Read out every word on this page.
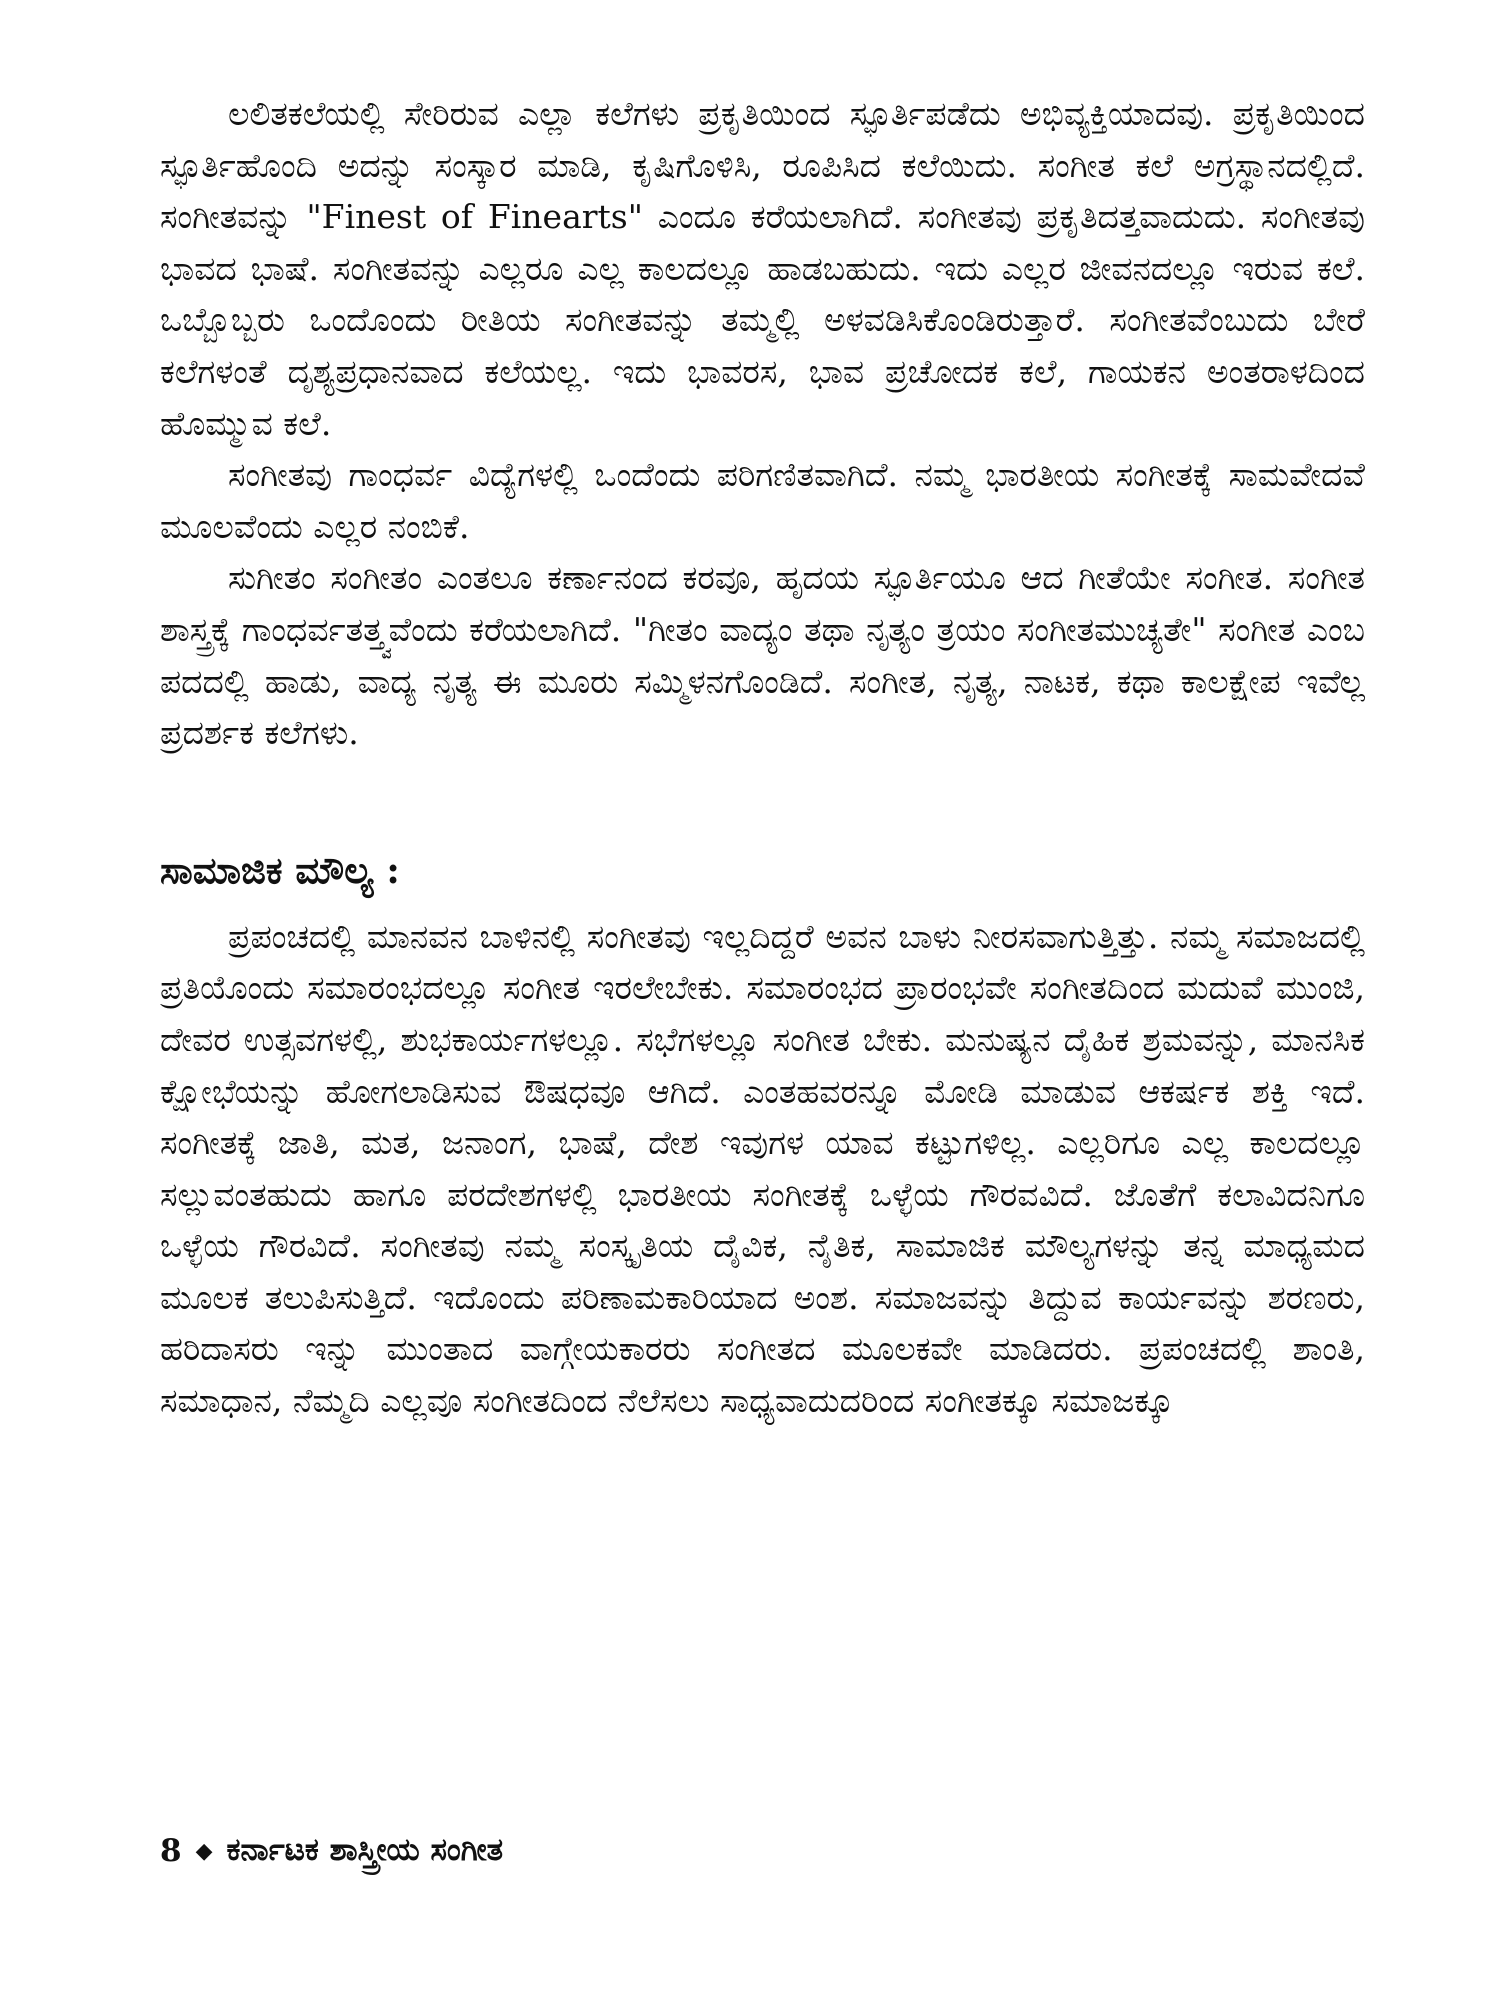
ಲಲಿತಕಲೆಯಲ್ಲಿ ಸೇರಿರುವ ಎಲ್ಲಾ ಕಲೆಗಳು ಪ್ರಕೃತಿಯಿಂದ ಸ್ಫೂರ್ತಿಪಡೆದು ಅಭಿವ್ಯಕ್ತಿಯಾದವು. ಪ್ರಕೃತಿಯಿಂದ ಸ್ಫೂರ್ತಿಹೊಂದಿ ಅದನ್ನು ಸಂಸ್ಕಾರ ಮಾಡಿ, ಕೃಷಿಗೊಳಿಸಿ, ರೂಪಿಸಿದ ಕಲೆಯಿದು. ಸಂಗೀತ ಕಲೆ ಅಗ್ರಸ್ಥಾನದಲ್ಲಿದೆ. ಸಂಗೀತವನ್ನು "Finest of Finearts" ಎಂದೂ ಕರೆಯಲಾಗಿದೆ. ಸಂಗೀತವು ಪ್ರಕೃತಿದತ್ತವಾದುದು. ಸಂಗೀತವು ಭಾವದ ಭಾಷೆ. ಸಂಗೀತವನ್ನು ಎಲ್ಲರೂ ಎಲ್ಲ ಕಾಲದಲ್ಲೂ ಹಾಡಬಹುದು. ಇದು ಎಲ್ಲರ ಜೀವನದಲ್ಲೂ ಇರುವ ಕಲೆ. ಒಬ್ಬೊಬ್ಬರು ಒಂದೊಂದು ರೀತಿಯ ಸಂಗೀತವನ್ನು ತಮ್ಮಲ್ಲಿ ಅಳವಡಿಸಿಕೊಂಡಿರುತ್ತಾರೆ. ಸಂಗೀತವೆಂಬುದು ಬೇರೆ ಕಲೆಗಳಂತೆ ದೃಶ್ಯಪ್ರಧಾನವಾದ ಕಲೆಯಲ್ಲ. ಇದು ಭಾವರಸ, ಭಾವ ಪ್ರಚೋದಕ ಕಲೆ, ಗಾಯಕನ ಅಂತರಾಳದಿಂದ ಹೊಮ್ಮುವ ಕಲೆ.

ಸಂಗೀತವು ಗಾಂಧರ್ವ ವಿದ್ಯೆಗಳಲ್ಲಿ ಒಂದೆಂದು ಪರಿಗಣಿತವಾಗಿದೆ. ನಮ್ಮ ಭಾರತೀಯ ಸಂಗೀತಕ್ಕೆ ಸಾಮವೇದವೆ ಮೂಲವೆಂದು ಎಲ್ಲರ ನಂಬಿಕೆ.

ಸುಗೀತಂ ಸಂಗೀತಂ ಎಂತಲೂ ಕರ್ಣಾನಂದ ಕರವೂ, ಹೃದಯ ಸ್ಫೂರ್ತಿಯೂ ಆದ ಗೀತೆಯೇ ಸಂಗೀತ. ಸಂಗೀತ ಶಾಸ್ತ್ರಕ್ಕೆ ಗಾಂಧರ್ವತತ್ತ್ವವೆಂದು ಕರೆಯಲಾಗಿದೆ. "ಗೀತಂ ವಾದ್ಯಂ ತಥಾ ನೃತ್ಯಂ ತ್ರಯಂ ಸಂಗೀತಮುಚ್ಯತೇ" ಸಂಗೀತ ಎಂಬ ಪದದಲ್ಲಿ ಹಾಡು, ವಾದ್ಯ ನೃತ್ಯ ಈ ಮೂರು ಸಮ್ಮಿಳನಗೊಂಡಿದೆ. ಸಂಗೀತ, ನೃತ್ಯ, ನಾಟಕ, ಕಥಾ ಕಾಲಕ್ಷೇಪ ಇವೆಲ್ಲ ಪ್ರದರ್ಶಕ ಕಲೆಗಳು.

ಸಾಮಾಜಿಕ ಮೌಲ್ಯ :

ಪ್ರಪಂಚದಲ್ಲಿ ಮಾನವನ ಬಾಳಿನಲ್ಲಿ ಸಂಗೀತವು ಇಲ್ಲದಿದ್ದರೆ ಅವನ ಬಾಳು ನೀರಸವಾಗುತ್ತಿತ್ತು. ನಮ್ಮ ಸಮಾಜದಲ್ಲಿ ಪ್ರತಿಯೊಂದು ಸಮಾರಂಭದಲ್ಲೂ ಸಂಗೀತ ಇರಲೇಬೇಕು. ಸಮಾರಂಭದ ಪ್ರಾರಂಭವೇ ಸಂಗೀತದಿಂದ ಮದುವೆ ಮುಂಜಿ, ದೇವರ ಉತ್ಸವಗಳಲ್ಲಿ, ಶುಭಕಾರ್ಯಗಳಲ್ಲೂ. ಸಭೆಗಳಲ್ಲೂ ಸಂಗೀತ ಬೇಕು. ಮನುಷ್ಯನ ದೈಹಿಕ ಶ್ರಮವನ್ನು, ಮಾನಸಿಕ ಕ್ಷೋಭೆಯನ್ನು ಹೋಗಲಾಡಿಸುವ ಔಷಧವೂ ಆಗಿದೆ. ಎಂತಹವರನ್ನೂ ಮೋಡಿ ಮಾಡುವ ಆಕರ್ಷಕ ಶಕ್ತಿ ಇದೆ. ಸಂಗೀತಕ್ಕೆ ಜಾತಿ, ಮತ, ಜನಾಂಗ, ಭಾಷೆ, ದೇಶ ಇವುಗಳ ಯಾವ ಕಟ್ಟುಗಳಿಲ್ಲ. ಎಲ್ಲರಿಗೂ ಎಲ್ಲ ಕಾಲದಲ್ಲೂ ಸಲ್ಲುವಂತಹುದು ಹಾಗೂ ಪರದೇಶಗಳಲ್ಲಿ ಭಾರತೀಯ ಸಂಗೀತಕ್ಕೆ ಒಳ್ಳೆಯ ಗೌರವವಿದೆ. ಜೊತೆಗೆ ಕಲಾವಿದನಿಗೂ ಒಳ್ಳೆಯ ಗೌರವಿದೆ. ಸಂಗೀತವು ನಮ್ಮ ಸಂಸ್ಕೃತಿಯ ದೈವಿಕ, ನೈತಿಕ, ಸಾಮಾಜಿಕ ಮೌಲ್ಯಗಳನ್ನು ತನ್ನ ಮಾಧ್ಯಮದ ಮೂಲಕ ತಲುಪಿಸುತ್ತಿದೆ. ಇದೊಂದು ಪರಿಣಾಮಕಾರಿಯಾದ ಅಂಶ. ಸಮಾಜವನ್ನು ತಿದ್ದುವ ಕಾರ್ಯವನ್ನು ಶರಣರು, ಹರಿದಾಸರು ಇನ್ನು ಮುಂತಾದ ವಾಗ್ಗೇಯಕಾರರು ಸಂಗೀತದ ಮೂಲಕವೇ ಮಾಡಿದರು. ಪ್ರಪಂಚದಲ್ಲಿ ಶಾಂತಿ, ಸಮಾಧಾನ, ನೆಮ್ಮದಿ ಎಲ್ಲವೂ ಸಂಗೀತದಿಂದ ನೆಲೆಸಲು ಸಾಧ್ಯವಾದುದರಿಂದ ಸಂಗೀತಕ್ಕೂ ಸಮಾಜಕ್ಕೂ

8 ◆ ಕರ್ನಾಟಕ ಶಾಸ್ತ್ರೀಯ ಸಂಗೀತ
